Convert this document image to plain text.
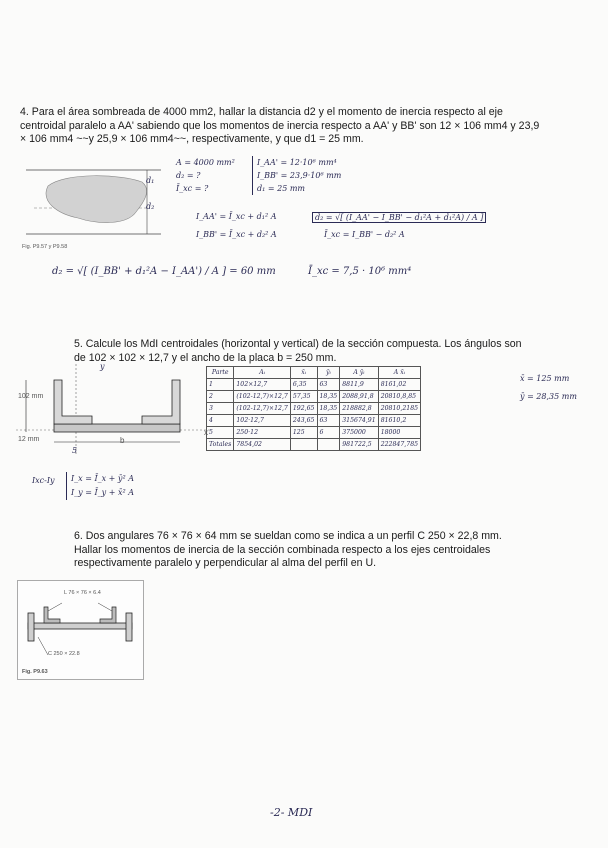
4. Para el área sombreada de 4000 mm2, hallar la distancia d2 y el momento de inercia respecto al eje centroidal paralelo a AA' sabiendo que los momentos de inercia respecto a AA' y BB' son 12 × 106 mm4 y 23,9 × 106 mm4 ~~y 25,9 × 106 mm4~~, respectivamente, y que d1 = 25 mm.
d₁
d₂
Fig. P9.57 y P9.58
A = 4000 mm²
d₂ = ?
Ī_xc = ?
I_AA' = 12·10⁶ mm⁴
I_BB' = 23,9·10⁶ mm
d₁ = 25 mm
I_AA' = Ī_xc + d₁² A
I_BB' = Ī_xc + d₂² A
d₂ = √[ (I_AA' − I_BB' − d₁²A + d₁²A) / A ]
Ī_xc = I_BB' − d₂² A
d₂ = √[ (I_BB' + d₁²A − I_AA') / A ] = 60 mm	Ī_xc = 7,5 · 10⁶ mm⁴
5. Calcule los MdI centroidales (horizontal y vertical) de la sección compuesta. Los ángulos son de 102 × 102 × 12,7 y el ancho de la placa b = 250 mm.
102 mm
12 mm	b
x
y
5
Parte	Aᵢ	x̄ᵢ	ȳᵢ	A ȳᵢ	A x̄ᵢ
1	102×12,7	6,35	63	8811,9	8161,02
2	(102-12,7)×12,7	57,35	18,35	2088,91,8	20810,8,85
3	(102-12,7)×12,7	192,65	18,35	218882,8	20810,2185
4	102·12,7	243,65	63	315674,91	81610,2
5	250·12	125	6	375000	18000
Totales	7854,02			981722,5	222847,785
x̄ = 125 mm
ȳ = 28,35 mm
Ixc-Iy I_x = Ī_x + ȳ² A
I_y = Ī_y + x̄² A
6. Dos angulares 76 × 76 × 64 mm se sueldan como se indica a un perfil C 250 × 22,8 mm. Hallar los momentos de inercia de la sección combinada respecto a los ejes centroidales respectivamente paralelo y perpendicular al alma del perfil en U.
L 76 × 76 × 6.4
C 250 × 22.8
Fig. P9.63
-2- MDI
